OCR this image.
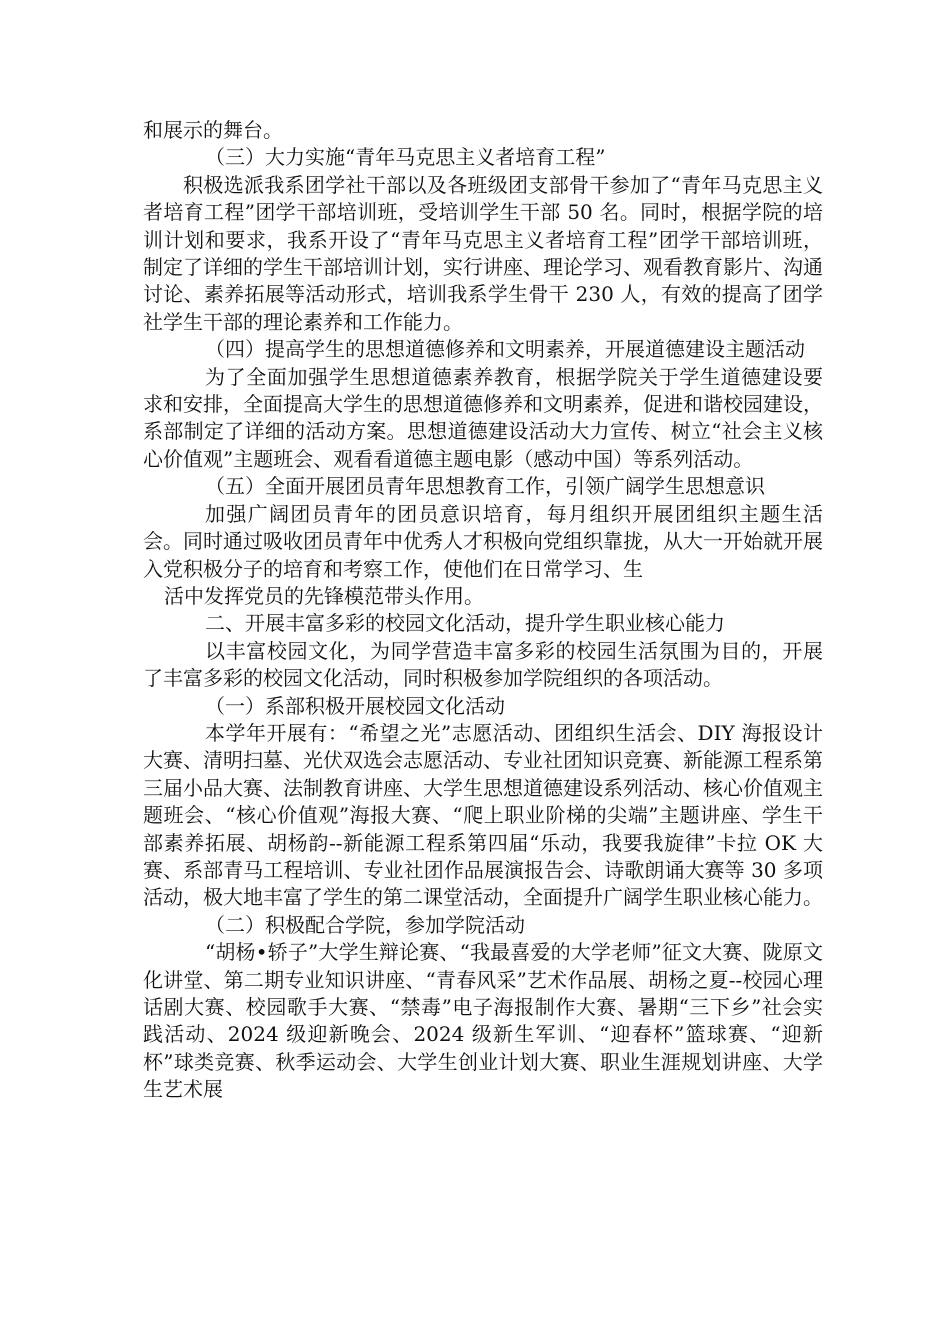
和展示的舞台。

（三）大力实施“青年马克思主义者培育工程”

积极选派我系团学社干部以及各班级团支部骨干参加了“青年马克思主义者培育工程”团学干部培训班，受培训学生干部 50 名。同时，根据学院的培训计划和要求，我系开设了“青年马克思主义者培育工程”团学干部培训班，制定了详细的学生干部培训计划，实行讲座、理论学习、观看教育影片、沟通讨论、素养拓展等活动形式，培训我系学生骨干 230 人，有效的提高了团学社学生干部的理论素养和工作能力。

（四）提高学生的思想道德修养和文明素养，开展道德建设主题活动

为了全面加强学生思想道德素养教育，根据学院关于学生道德建设要求和安排，全面提高大学生的思想道德修养和文明素养，促进和谐校园建设，系部制定了详细的活动方案。思想道德建设活动大力宣传、树立“社会主义核心价值观”主题班会、观看看道德主题电影（感动中国）等系列活动。

（五）全面开展团员青年思想教育工作，引领广阔学生思想意识

加强广阔团员青年的团员意识培育，每月组织开展团组织主题生活会。同时通过吸收团员青年中优秀人才积极向党组织靠拢，从大一开始就开展入党积极分子的培育和考察工作，使他们在日常学习、生

活中发挥党员的先锋模范带头作用。

二、开展丰富多彩的校园文化活动，提升学生职业核心能力

以丰富校园文化，为同学营造丰富多彩的校园生活氛围为目的，开展了丰富多彩的校园文化活动，同时积极参加学院组织的各项活动。

（一）系部积极开展校园文化活动

本学年开展有：“希望之光”志愿活动、团组织生活会、DIY 海报设计大赛、清明扫墓、光伏双选会志愿活动、专业社团知识竞赛、新能源工程系第三届小品大赛、法制教育讲座、大学生思想道德建设系列活动、核心价值观主题班会、“核心价值观”海报大赛、“爬上职业阶梯的尖端”主题讲座、学生干部素养拓展、胡杨韵--新能源工程系第四届“乐动，我要我旋律”卡拉 OK 大赛、系部青马工程培训、专业社团作品展演报告会、诗歌朗诵大赛等 30 多项活动，极大地丰富了学生的第二课堂活动，全面提升广阔学生职业核心能力。

（二）积极配合学院，参加学院活动

“胡杨•轿子”大学生辩论赛、“我最喜爱的大学老师”征文大赛、陇原文化讲堂、第二期专业知识讲座、“青春风采”艺术作品展、胡杨之夏--校园心理话剧大赛、校园歌手大赛、“禁毒”电子海报制作大赛、暑期“三下乡”社会实践活动、2024 级迎新晚会、2024 级新生军训、“迎春杯”篮球赛、“迎新杯”球类竞赛、秋季运动会、大学生创业计划大赛、职业生涯规划讲座、大学生艺术展
